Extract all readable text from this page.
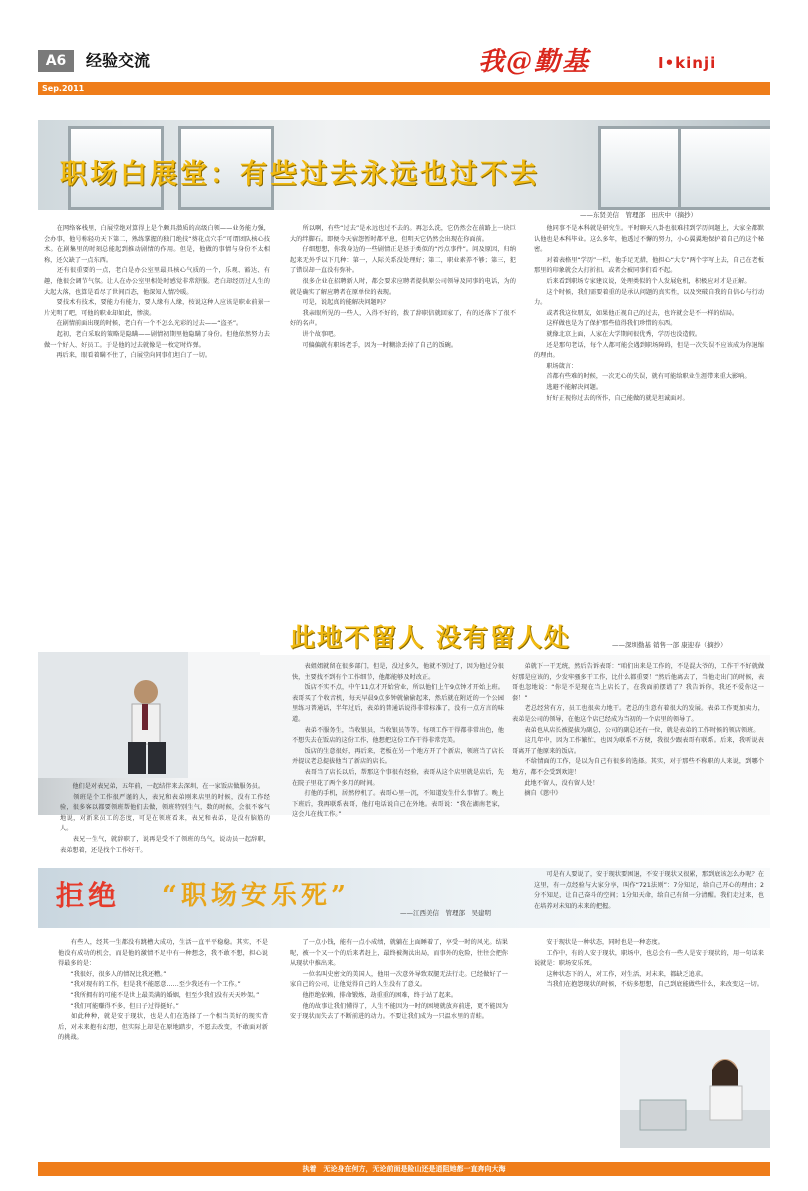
A6	经验交流	我@勤基	I•kinji
Sep.2011
职场白展堂：有些过去永远也过不去
——东贤美信　管理部　田庆中（摘抄）

　　在网络客栈里，白展堂绝对算得上是个颇具潜质的高级白领——业务能力强，会办事，他号称轻功天下第二，熟练掌握的独门绝技“葵花点穴手”可谓团队核心技术。在剧集里的时刻总能起到推动剧情的作用。但是，他做的事情与身份不太相称，还欠缺了一点东西。

　　还有很重要的一点，老白是办公室里最具核心气质的一个，乐观、豁达、有趣，他很会调节气氛。让人在办公室里相处时感觉非常舒服。老白却经历过人生的大起大落，也算是看尽了世间百态，他深知人情冷暖。

　　要技术有技术，要能力有能力，要人缘有人缘，按说这种人应该是职业前景一片光明了吧，可他的职业却如此，惨淡。

　　在剧情前面出现的时候，老白有一个不怎么光彩的过去——“盗圣”。

　　起初，老白采取的策略是隐瞒——剧情初期里他隐瞒了身份。但他依然努力去做一个好人、好员工。于是他的过去就像是一枚定时炸弹。

　　再后来，眼看着瞒不住了，白展堂向同事们坦白了一切。

　　所以啊，有些“过去”是永远也过不去的。再怎么洗，它仍然会在前路上一块巨大的绊脚石。即便今天宿怨暂时都平息，但明天它仍然会出现在你面前。

　　仔细想想，你我身边的一些剧情正是基于类似的“污点事件”。问及原因，归纳起来无外乎以下几种：第一，人际关系没处理好；第二，职业素养不够；第三，犯了错误却一直没有弥补。

　　很多企业在招聘新人时，都会要求应聘者提供原公司领导及同事的电话，为的就是确实了解应聘者在原单位的表现。

　　可是，说起真的能解决问题吗？

　　我亲眼所见的一些人，入得不好的，拨了辞职信就回家了，有的还落下了很不好的名声。

　　讲个故事吧。

　　可偏偏就有职场老手，因为一时糊涂丢掉了自己的饭碗。

　　他同事不是本科就是研究生。平时聊天八卦也很难挂到学历问题上，大家全都默认他也是本科毕业。这么多年，他透过不懈的努力，小心翼翼地保护着自己的这个秘密。

　　对着表格里“学历”一栏，他手足无措，他担心“大专”两个字写上去，自己在老板那里的印象就会大打折扣。或者会被同事们看不起。

　　后来看到职场专家建议说，处理类似的个人发展危机，积极应对才是正解。

　　这个时候，我们需要着重的是承认问题的真实性，以及突破自我的自信心与行动力。

　　或者我这位朋友，如果他正视自己的过去，也许就会是不一样的结局。

　　这样做也是为了保护那些值得我们珍惜的东西。

　　就像北京上面，人家在大学期间很优秀，学历也没造假。

　　还是那句老话，每个人都可能会遇到职场障碍，但是一次失误不应该成为你退缩的理由。

　　职场箴言：

　　首都有些难的时候，一次无心的失误，就有可能给职业生涯带来重大影响。

　　逃避不能解决问题。

　　好好正视你过去的所作，自己能做的就是坦诚面对。

此地不留人 没有留人处	——深圳勤基 销售一部 康迎春（摘抄）

　　表姐姐就留在很多部门，但是，没过多久，他就不别过了，因为他过分很快，主要找不到有个工作细节，他都能够及时改正。

　　饭店不实不点，中午11点才开始营业，所以他们上午9点钟才开始上班。表哥买了个收音机，每天早晨9点多钟就偷偷起来，然后就在附近的一个公园里练习普通话，半年过后，表弟的普通话说得非常标准了，没有一点方言的味道。

　　表弟不服务生，当收银员，当收银员等等。每项工作干得都非常出色，他不想失去在饭店的这份工作，他想把这份工作干得非常完美。

　　饭店的生意很好，再后来，老板在另一个地方开了个新店，领班当了店长并提议老总提拔他当了新店的店长。

　　表哥当了店长以后，帮那这个事很有经验，表哥从这个店里就是店后，先在院子里花了两个多月的时间。

　　打他的手机，居然停机了。表哥心里一沉，不知道发生什么事情了。晚上下班后，我再联系表哥，他打电话说自己在外地。表哥说：“我在湖南老家，这会儿在找工作。”

　　他们是对表兄弟，五年前，一起结伴来去深圳，在一家饭店做服务员。

　　领班是个工作很严谨的人，表兄和表弟刚来店里的时候，没有工作经验，很多客以都要领班帮他们去做，领班特别生气，数的时候，会很不客气地说，对新来员工的态度，可是在领班看来，表兄和表弟，是没有脑筋的人。

　　表兄一生气，就辞职了，说再是受不了领班的鸟气，说动员一起辞职，表弟想着，还是找个工作好干。

　　弟就下一干无统，然后告诉表哥：“咱们出来是工作的，不是混大爷的，工作干不好就做好那是应该的，少发牢骚多干工作，比什么都重要！”然后他离去了，当他走出门的时候，表哥也忽地说：“你是不是现在当上店长了，在我面前摆谱了？我告诉你，我还不爱你这一套！”

　　老总经营有方，员工也很卖力地干。老总的生意有着很大的发展。表弟工作更加卖力，表弟是公司的领导，在他这个店已经成为当初的一个店里的领导了。

　　表弟也从店长被提拔为副总，公司的副总还有一位，就是表弟的工作时候的领店领班。

　　这几年中，因为工作繁忙，也因为联系不方便，我很少跟表哥有联系。后来，我听说表哥离开了他原来的饭店。

　　不给情面的工作，是以为自己有很多的选择。其实，对于那些不称职的人来说，到哪个地方，都不会受到欢迎！

　　此地不留人，没有留人处！

　　摘自《慈中》

拒绝 “职场安乐死”
——江西美信　管理部　吴建明

　　可是有人要说了，安于现状要困退，不安于现状又很累，那到底该怎么办呢？在这里，有一点经验与大家分享，叫作“721法则”：7分知足，给自己开心的理由；2分不知足，让自己奋斗的空间；1分知天命，给自己有留一分清醒。我们走过来，也在培养对未知的未来的把握。

　　有些人，经其一生都没有跳槽大成功，生活一直平平稳稳。其实，不是他没有成功的机会，而是他的激情不足中有一种想念，我不敢不想，担心说得最多的是：

　　“我很好，很多人的情况比我还糟。”

　　“我对现有的工作，但是我不能愿意……至少我还有一个工作。”

　　“我所拥有的可能不是世上最美满的婚姻，但至少我们没有天天吵架。”

　　“我们可能赚得不多，但日子过得挺好。”

　　如此种种，就是安于现状，也是人们在选择了一个相当美好的现实背后，对未来抱有幻想，但实际上却是在原地踏步，不愿去改变，不敢面对新的挑战。

　　了一点小钱，能有一点小成绩，就躺在上面睡着了，享受一时的风光。结果呢，被一个又一个的后来者赶上，最终被淘汰出局，而事外的危险，往往会把你从现状中推出来。

　　一位名叫史密文的美国人，他用一次意外导致双腿无法行走。已经做好了一家自己的公司，让他觉得自己的人生没有了意义。

　　他拒绝依赖，排命锻炼，劫重重的困难，终于站了起来。

　　他的故事让我们懂得了，人生不能因为一时的困境就放弃前进，更不能因为安于现状而失去了不断前进的动力。不要让我们成为一只温水里的青蛙。

　　安于现状是一种状态，同时也是一种态度。

　　工作中，有的人安于现状，职场中，也总会有一些人是安于现状的，用一句话来说就是：职场安乐死。

　　这种状态下的人，对工作，对生活，对未来，都缺乏追求。

　　当我们在抱怨现状的时候，不妨多想想，自己到底能做些什么，来改变这一切。

执着　无论身在何方，无论前面是险山还是逍阻她都一直奔向大海
